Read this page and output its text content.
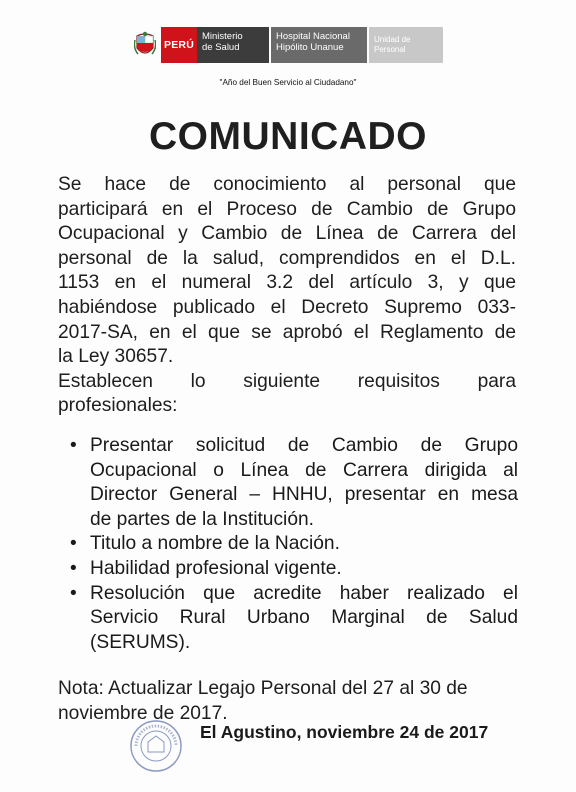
PERÚ
Ministerio
de Salud
Hospital Nacional
Hipólito Unanue
Unidad de
Personal
"Año del Buen Servicio al Ciudadano"
COMUNICADO
Se hace de conocimiento al personal que
participará en el Proceso de Cambio de Grupo
Ocupacional y Cambio de Línea de Carrera del
personal de la salud, comprendidos en el D.L.
1153 en el numeral 3.2 del artículo 3, y que
habiéndose publicado el Decreto Supremo 033-
2017-SA, en el que se aprobó el Reglamento de
la Ley 30657.
Establecen lo siguiente requisitos para
profesionales:
• Presentar solicitud de Cambio de Grupo
Ocupacional o Línea de Carrera dirigida al
Director General – HNHU, presentar en mesa
de partes de la Institución.
• Titulo a nombre de la Nación.
• Habilidad profesional vigente.
• Resolución que acredite haber realizado el
Servicio Rural Urbano Marginal de Salud
(SERUMS).
Nota: Actualizar Legajo Personal del 27 al 30 de
noviembre de 2017.
El Agustino, noviembre 24 de 2017
